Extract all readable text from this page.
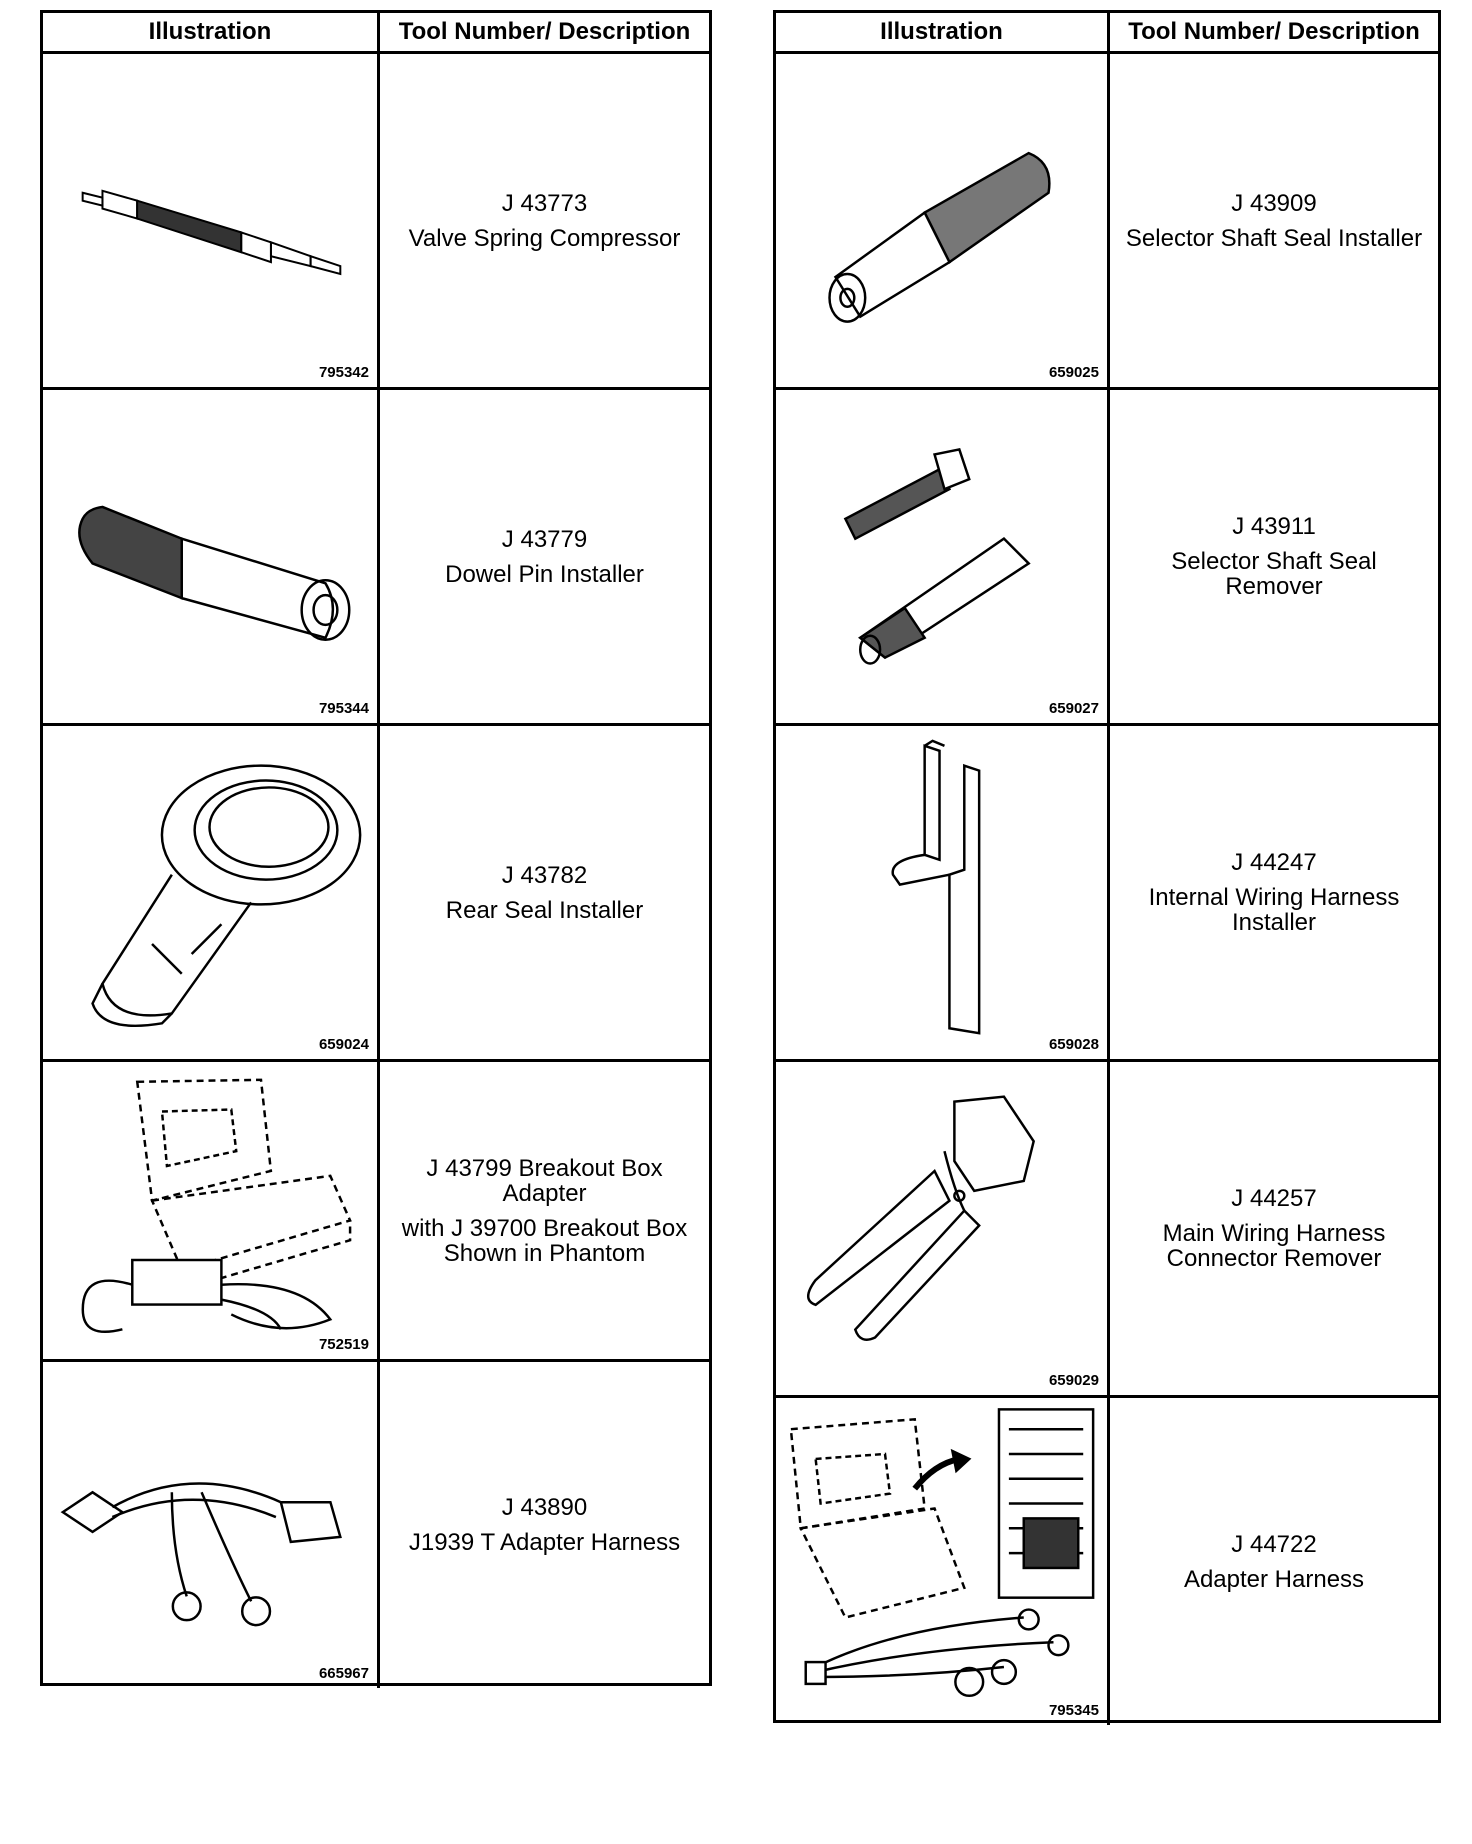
Illustration	Tool Number/ Description
795342
J 43773
Valve Spring Compressor
795344
J 43779
Dowel Pin Installer
659024
J 43782
Rear Seal Installer
752519
J 43799 Breakout Box
Adapter
with J 39700 Breakout Box
Shown in Phantom
665967
J 43890
J1939 T Adapter Harness
Illustration	Tool Number/ Description
659025
J 43909
Selector Shaft Seal Installer
659027
J 43911
Selector Shaft Seal
Remover
659028
J 44247
Internal Wiring Harness
Installer
659029
J 44257
Main Wiring Harness
Connector Remover
795345
J 44722
Adapter Harness
